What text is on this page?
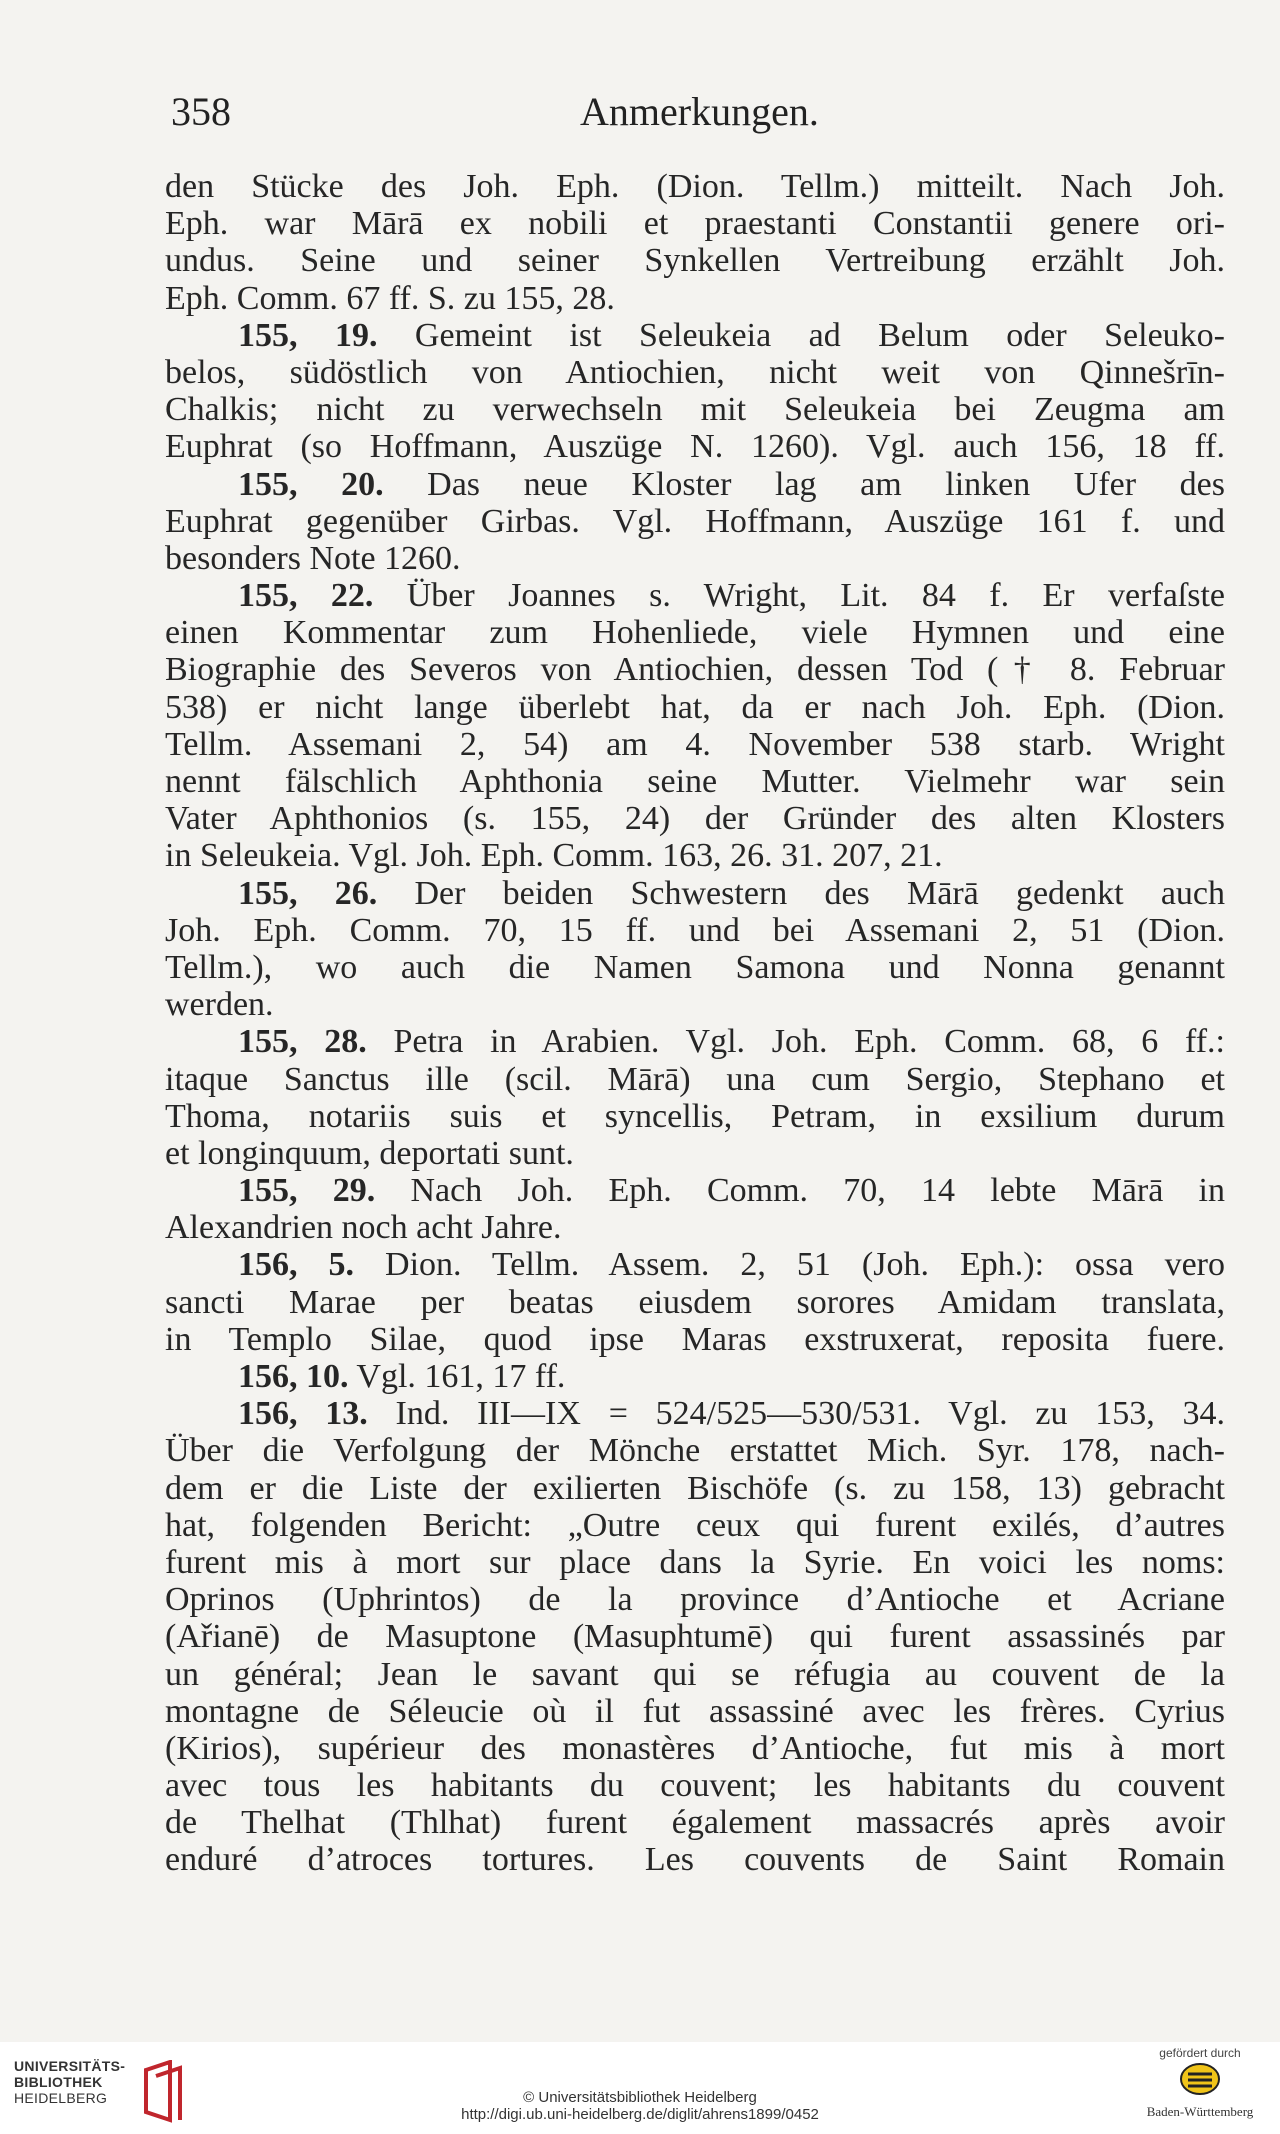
358	Anmerkungen.
den Stücke des Joh. Eph. (Dion. Tellm.) mitteilt. Nach Joh.
Eph. war Mārā ex nobili et praestanti Constantii genere ori-
undus. Seine und seiner Synkellen Vertreibung erzählt Joh.
Eph. Comm. 67 ff. S. zu 155, 28.
155, 19. Gemeint ist Seleukeia ad Belum oder Seleuko-
belos, südöstlich von Antiochien, nicht weit von Qinnešrīn-
Chalkis; nicht zu verwechseln mit Seleukeia bei Zeugma am
Euphrat (so Hoffmann, Auszüge N. 1260). Vgl. auch 156, 18 ff.
155, 20. Das neue Kloster lag am linken Ufer des
Euphrat gegenüber Girbas. Vgl. Hoffmann, Auszüge 161 f. und
besonders Note 1260.
155, 22. Über Joannes s. Wright, Lit. 84 f. Er verfaſste
einen Kommentar zum Hohenliede, viele Hymnen und eine
Biographie des Severos von Antiochien, dessen Tod († 8. Februar
538) er nicht lange überlebt hat, da er nach Joh. Eph. (Dion.
Tellm. Assemani 2, 54) am 4. November 538 starb. Wright
nennt fälschlich Aphthonia seine Mutter. Vielmehr war sein
Vater Aphthonios (s. 155, 24) der Gründer des alten Klosters
in Seleukeia. Vgl. Joh. Eph. Comm. 163, 26. 31. 207, 21.
155, 26. Der beiden Schwestern des Mārā gedenkt auch
Joh. Eph. Comm. 70, 15 ff. und bei Assemani 2, 51 (Dion.
Tellm.), wo auch die Namen Samona und Nonna genannt
werden.
155, 28. Petra in Arabien. Vgl. Joh. Eph. Comm. 68, 6 ff.:
itaque Sanctus ille (scil. Mārā) una cum Sergio, Stephano et
Thoma, notariis suis et syncellis, Petram, in exsilium durum
et longinquum, deportati sunt.
155, 29. Nach Joh. Eph. Comm. 70, 14 lebte Mārā in
Alexandrien noch acht Jahre.
156, 5. Dion. Tellm. Assem. 2, 51 (Joh. Eph.): ossa vero
sancti Marae per beatas eiusdem sorores Amidam translata,
in Templo Silae, quod ipse Maras exstruxerat, reposita fuere.
156, 10. Vgl. 161, 17 ff.
156, 13. Ind. III—IX = 524/525—530/531. Vgl. zu 153, 34.
Über die Verfolgung der Mönche erstattet Mich. Syr. 178, nach-
dem er die Liste der exilierten Bischöfe (s. zu 158, 13) gebracht
hat, folgenden Bericht: „Outre ceux qui furent exilés, d’autres
furent mis à mort sur place dans la Syrie. En voici les noms:
Oprinos (Uphrintos) de la province d’Antioche et Acriane
(Ařianē) de Masuptone (Masuphtumē) qui furent assassinés par
un général; Jean le savant qui se réfugia au couvent de la
montagne de Séleucie où il fut assassiné avec les frères. Cyrius
(Kirios), supérieur des monastères d’Antioche, fut mis à mort
avec tous les habitants du couvent; les habitants du couvent
de Thelhat (Thlhat) furent également massacrés après avoir
enduré d’atroces tortures. Les couvents de Saint Romain
UNIVERSITÄTS-
BIBLIOTHEK
HEIDELBERG	© Universitätsbibliothek Heidelberg
http://digi.ub.uni-heidelberg.de/diglit/ahrens1899/0452
gefördert durch
Baden-Württemberg
